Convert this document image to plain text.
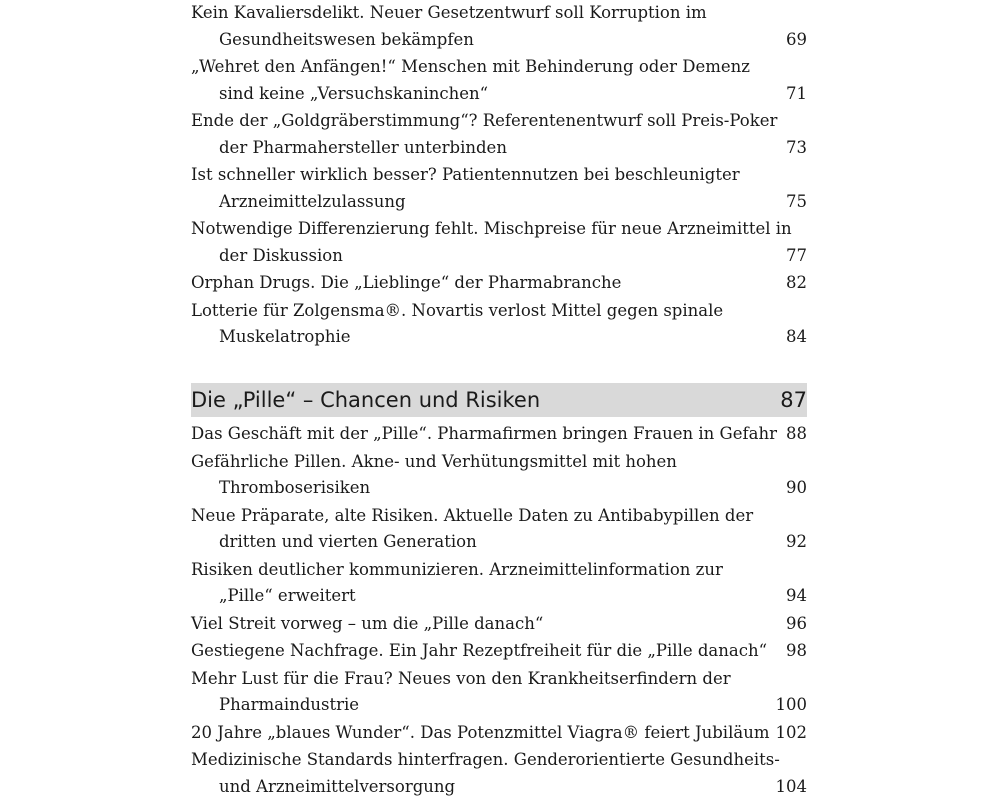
Kein Kavaliersdelikt. Neuer Gesetzentwurf soll Korruption im
Gesundheitswesen bekämpfen	69
„Wehret den Anfängen!“ Menschen mit Behinderung oder Demenz
sind keine „Versuchskaninchen“	71
Ende der „Goldgräberstimmung“? Referentenentwurf soll Preis-Poker
der Pharmahersteller unterbinden	73
Ist schneller wirklich besser? Patientennutzen bei beschleunigter
Arzneimittelzulassung	75
Notwendige Differenzierung fehlt. Mischpreise für neue Arzneimittel in
der Diskussion	77
Orphan Drugs. Die „Lieblinge“ der Pharmabranche	82
Lotterie für Zolgensma®. Novartis verlost Mittel gegen spinale
Muskelatrophie	84
Die „Pille“ – Chancen und Risiken	87
Das Geschäft mit der „Pille“. Pharmafirmen bringen Frauen in Gefahr 88
Gefährliche Pillen. Akne- und Verhütungsmittel mit hohen
Thromboserisiken	90
Neue Präparate, alte Risiken. Aktuelle Daten zu Antibabypillen der
dritten und vierten Generation	92
Risiken deutlicher kommunizieren. Arzneimittelinformation zur
„Pille“ erweitert	94
Viel Streit vorweg – um die „Pille danach“	96
Gestiegene Nachfrage. Ein Jahr Rezeptfreiheit für die „Pille danach“	98
Mehr Lust für die Frau? Neues von den Krankheitserfindern der
Pharmaindustrie	100
20 Jahre „blaues Wunder“. Das Potenzmittel Viagra® feiert Jubiläum 102
Medizinische Standards hinterfragen. Genderorientierte Gesundheits-
und Arzneimittelversorgung	104
